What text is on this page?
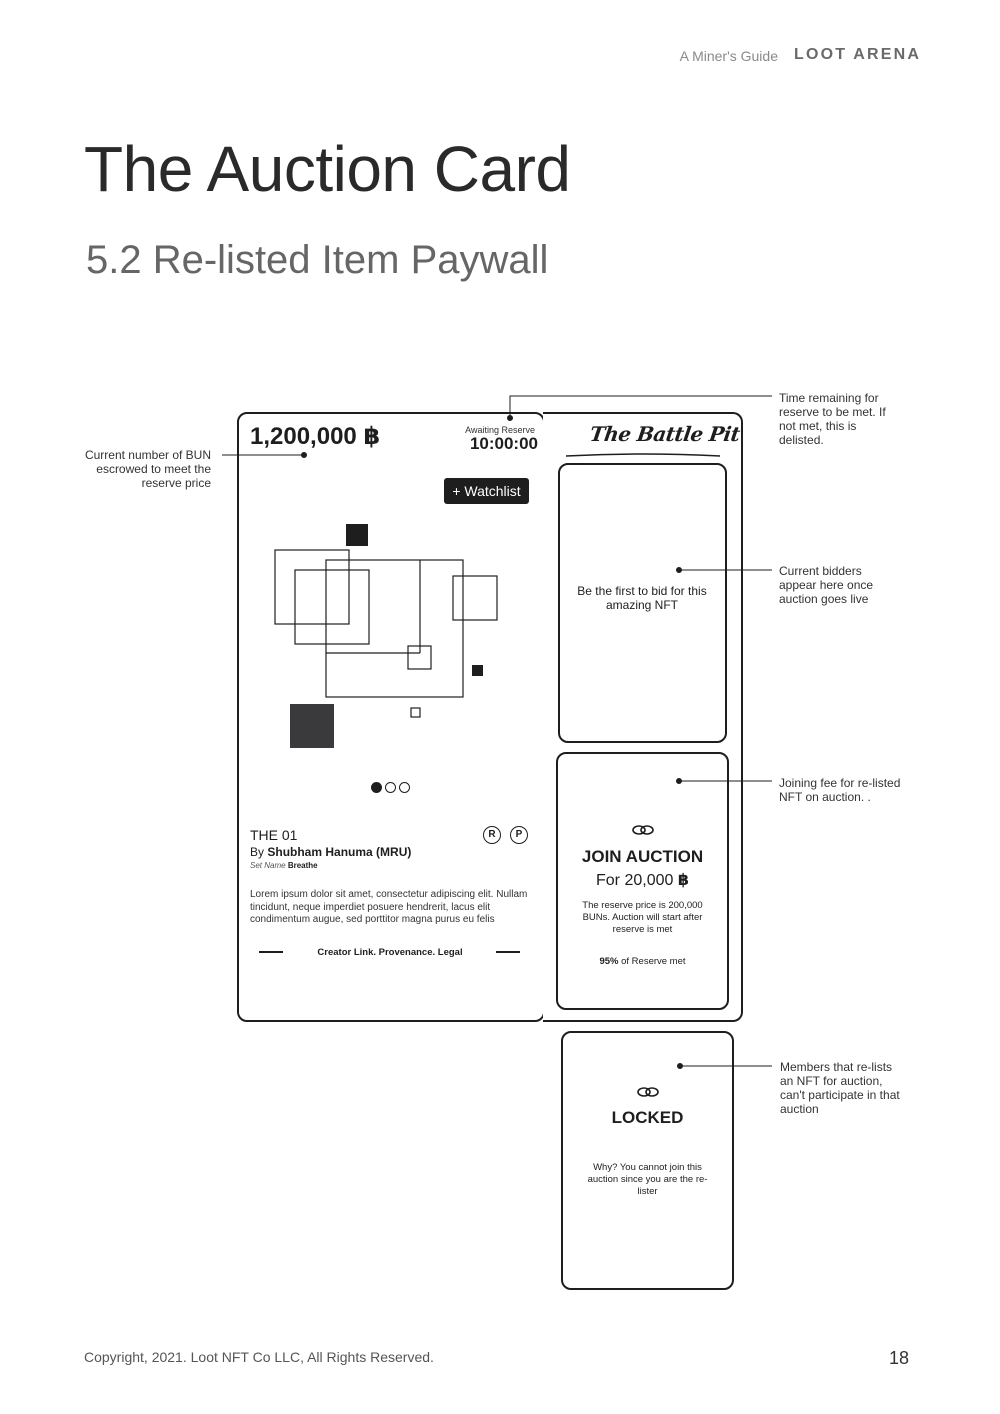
A Miner's Guide LOOT ARENA
The Auction Card
5.2 Re-listed Item Paywall
1,200,000 ฿	Awaiting Reserve
10:00:00
+ Watchlist
THE 01	R	P
By Shubham Hanuma (MRU)
Set Name Breathe
Lorem ipsum dolor sit amet, consectetur adipiscing elit. Nullam tincidunt, neque imperdiet posuere hendrerit, lacus elit condimentum augue, sed porttitor magna purus eu felis
Creator Link. Provenance. Legal
The Battle Pit
Be the first to bid for this amazing NFT
JOIN AUCTION
For 20,000 ฿
The reserve price is 200,000 BUNs. Auction will start after reserve is met
95% of Reserve met
LOCKED
Why? You cannot join this auction since you are the re-lister
Current number of BUN escrowed to meet the reserve price
Time remaining for reserve to be met. If not met, this is delisted.
Current bidders appear here once auction goes live
Joining fee for re-listed NFT on auction. .
Members that re-lists an NFT for auction, can't participate in that auction
Copyright, 2021. Loot NFT Co LLC, All Rights Reserved.	18
